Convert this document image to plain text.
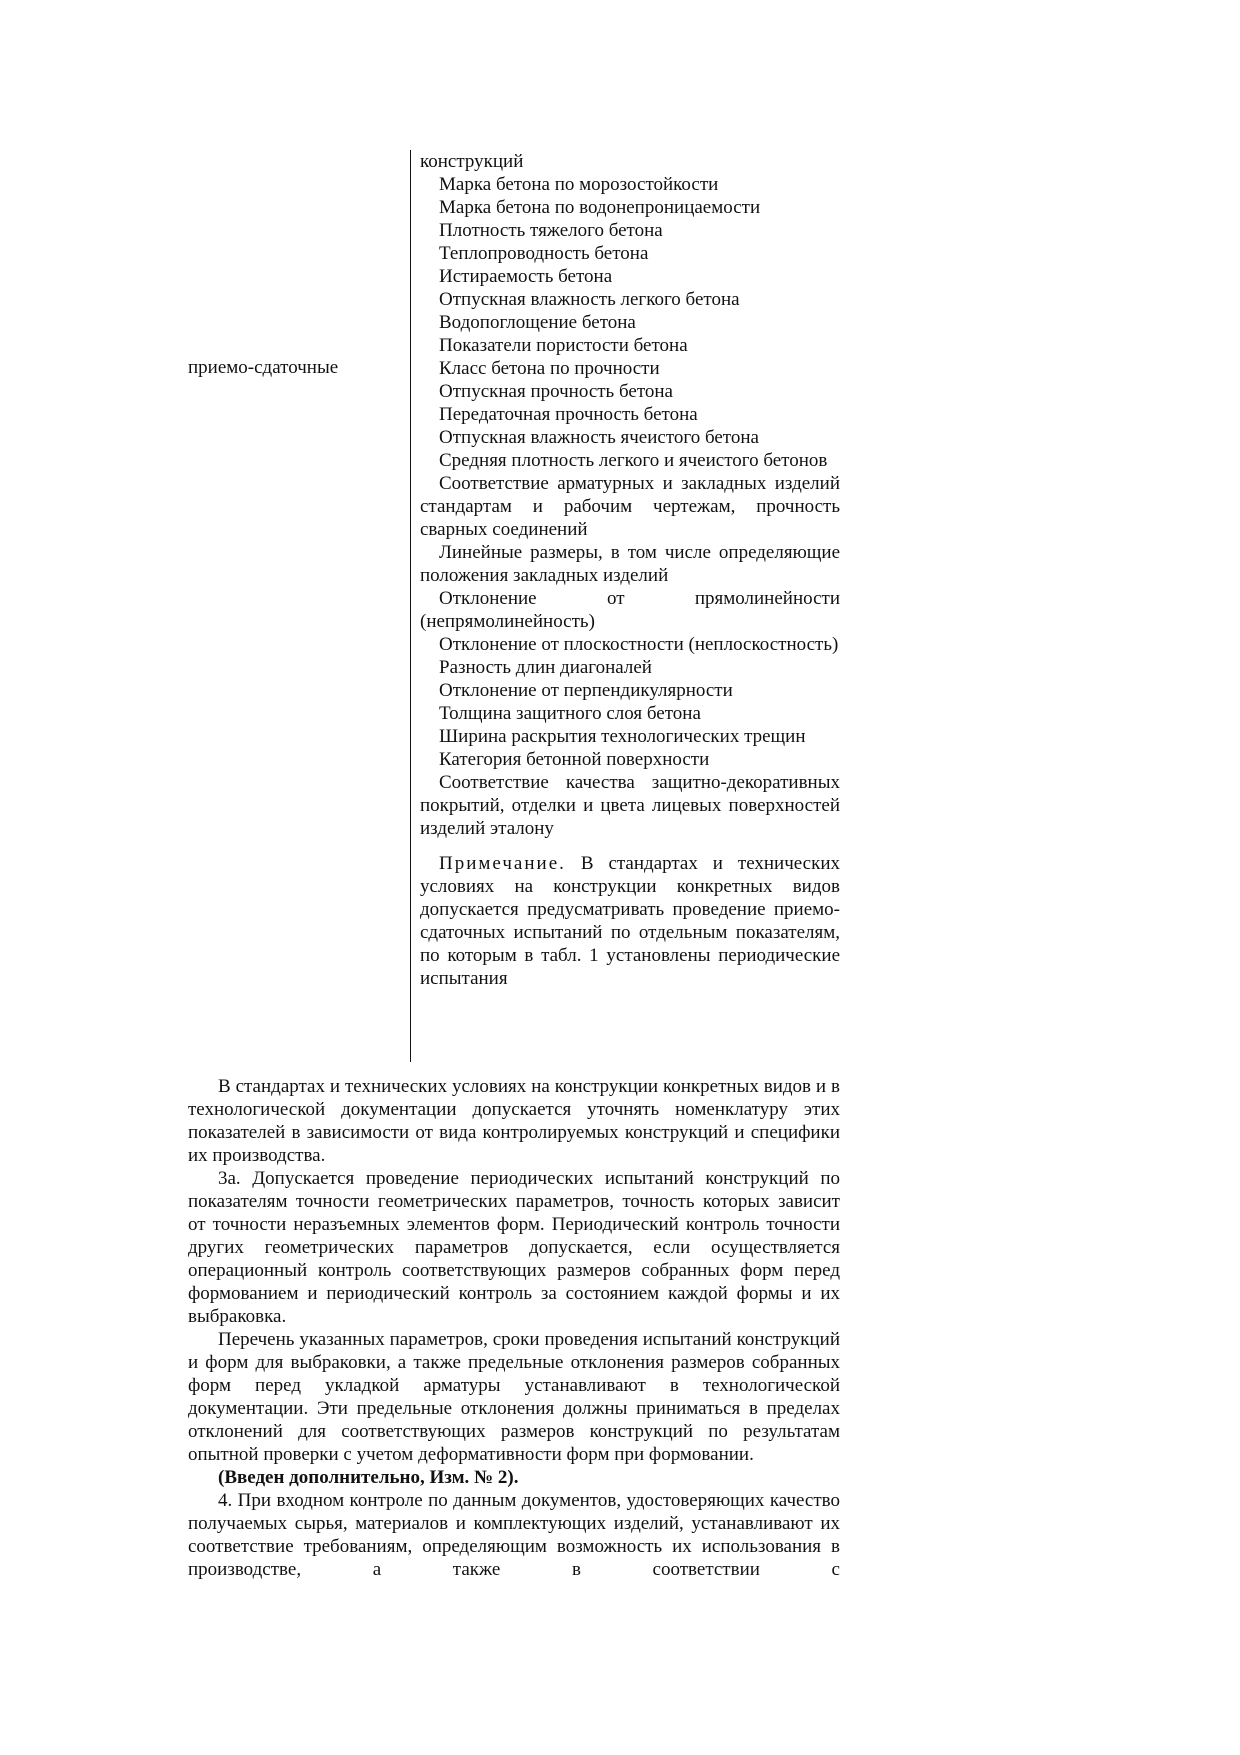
приемо-сдаточные

конструкций

Марка бетона по морозостойкости

Марка бетона по водонепроницаемости

Плотность тяжелого бетона

Теплопроводность бетона

Истираемость бетона

Отпускная влажность легкого бетона

Водопоглощение бетона

Показатели пористости бетона

Класс бетона по прочности

Отпускная прочность бетона

Передаточная прочность бетона

Отпускная влажность ячеистого бетона

Средняя плотность легкого и ячеистого бетонов

Соответствие арматурных и закладных изделий стандартам и рабочим чертежам, прочность сварных соединений

Линейные размеры, в том числе определяющие положения закладных изделий

Отклонение от прямолинейности (непрямолинейность)

Отклонение от плоскостности (неплоскостность)

Разность длин диагоналей

Отклонение от перпендикулярности

Толщина защитного слоя бетона

Ширина раскрытия технологических трещин

Категория бетонной поверхности

Соответствие качества защитно-декоративных покрытий, отделки и цвета лицевых поверхностей изделий эталону

Примечание. В стандартах и технических условиях на конструкции конкретных видов допускается предусматривать проведение приемо-сдаточных испытаний по отдельным показателям, по которым в табл. 1 установлены периодические испытания

В стандартах и технических условиях на конструкции конкретных видов и в технологической документации допускается уточнять номенклатуру этих показателей в зависимости от вида контролируемых конструкций и специфики их производства.

3а. Допускается проведение периодических испытаний конструкций по показателям точности геометрических параметров, точность которых зависит от точности неразъемных элементов форм. Периодический контроль точности других геометрических параметров допускается, если осуществляется операционный контроль соответствующих размеров собранных форм перед формованием и периодический контроль за состоянием каждой формы и их выбраковка.

Перечень указанных параметров, сроки проведения испытаний конструкций и форм для выбраковки, а также предельные отклонения размеров собранных форм перед укладкой арматуры устанавливают в технологической документации. Эти предельные отклонения должны приниматься в пределах отклонений для соответствующих размеров конструкций по результатам опытной проверки с учетом деформативности форм при формовании.

(Введен дополнительно, Изм. № 2).

4. При входном контроле по данным документов, удостоверяющих качество получаемых сырья, материалов и комплектующих изделий, устанавливают их соответствие требованиям, определяющим возможность их использования в производстве, а также в соответствии с
